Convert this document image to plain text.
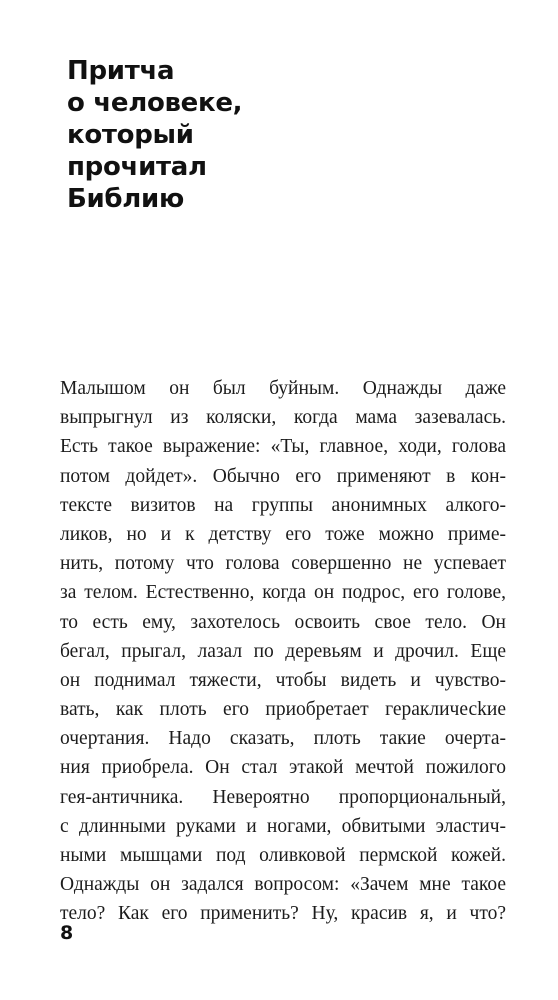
Притча
о человеке,
который
прочитал
Библию
Малышом он был буйным. Однажды даже
выпрыгнул из коляски, когда мама зазевалась.
Есть такое выражение: «Ты, главное, ходи, голова
потом дойдет». Обычно его применяют в кон-
тексте визитов на группы анонимных алкого-
ликов, но и к детству его тоже можно приме-
нить, потому что голова совершенно не успевает
за телом. Естественно, когда он подрос, его голове,
то есть ему, захотелось освоить свое тело. Он
бегал, прыгал, лазал по деревьям и дрочил. Еще
он поднимал тяжести, чтобы видеть и чувство-
вать, как плоть его приобретает геракличесkие
очертания. Надо сказать, плоть такие очерта-
ния приобрела. Он стал этакой мечтой пожилого
гея-античника. Невероятно пропорциональный,
с длинными руками и ногами, обвитыми эластич-
ными мышцами под оливковой пермской кожей.
Однажды он задался вопросом: «Зачем мне такое
тело? Как его применить? Ну, красив я, и что?
8
